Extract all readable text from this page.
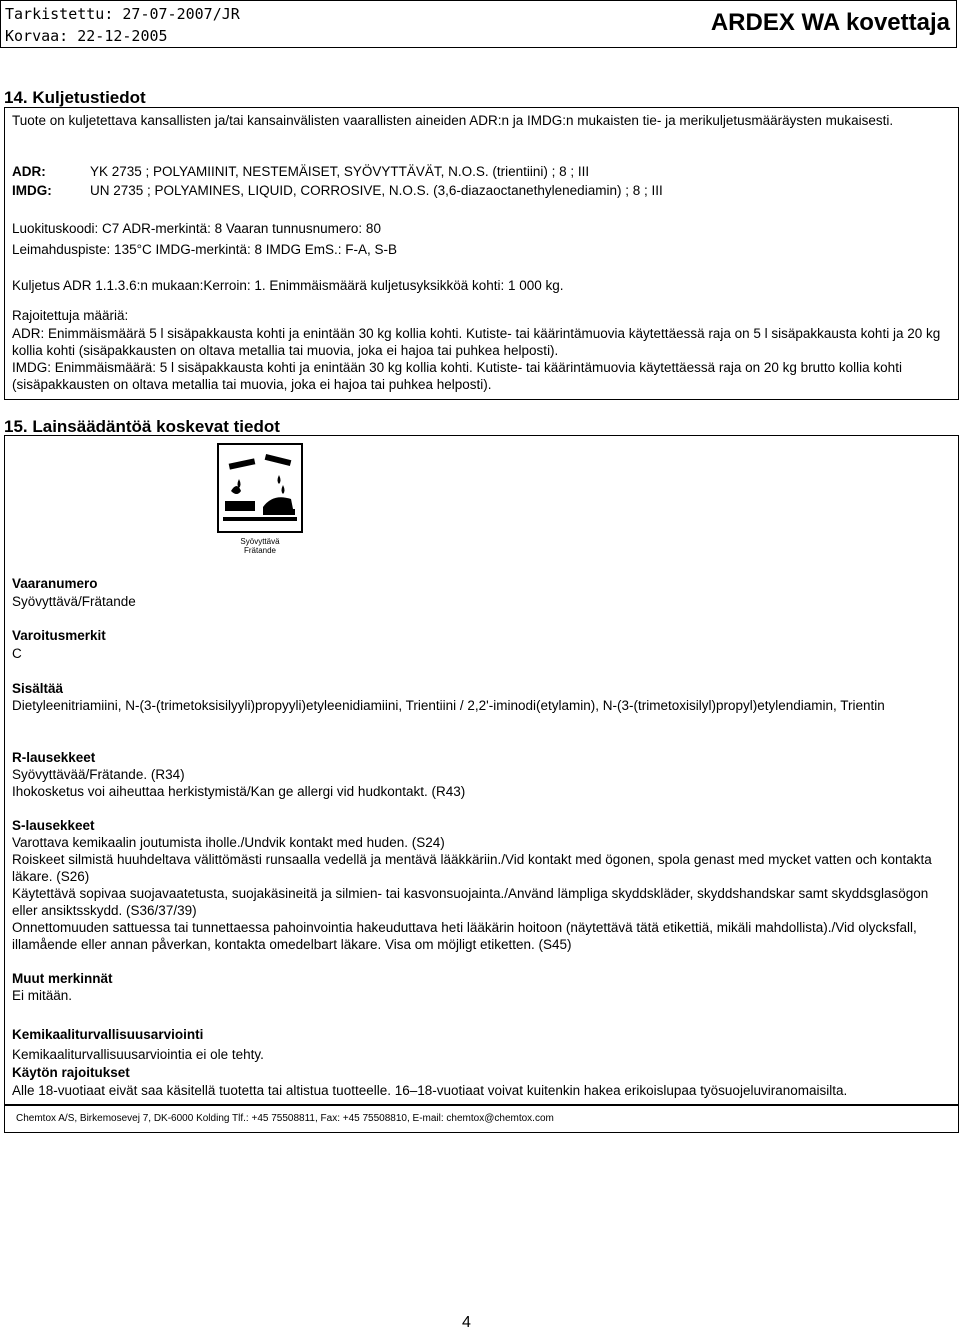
Tarkistettu: 27-07-2007/JR
Korvaa: 22-12-2005	ARDEX WA kovettaja
14. Kuljetustiedot
Tuote on kuljetettava kansallisten ja/tai kansainvälisten vaarallisten aineiden ADR:n ja IMDG:n mukaisten tie- ja merikuljetusmääräysten mukaisesti.
ADR:	YK 2735 ; POLYAMIINIT, NESTEMÄISET, SYÖVYTTÄVÄT, N.O.S. (trientiini) ; 8 ; III
IMDG:	UN 2735 ; POLYAMINES, LIQUID, CORROSIVE, N.O.S. (3,6-diazaoctanethylenediamin) ; 8 ; III
Luokituskoodi: C7 ADR-merkintä: 8 Vaaran tunnusnumero: 80
Leimahduspiste: 135°C IMDG-merkintä: 8 IMDG EmS.: F-A, S-B
Kuljetus ADR 1.1.3.6:n mukaan:Kerroin: 1. Enimmäismäärä kuljetusyksikköä kohti: 1 000 kg.
Rajoitettuja määriä:
ADR: Enimmäismäärä 5 l sisäpakkausta kohti ja enintään 30 kg kollia kohti. Kutiste- tai käärintämuovia käytettäessä raja on 5 l sisäpakkausta kohti ja 20 kg kollia kohti (sisäpakkausten on oltava metallia tai muovia, joka ei hajoa tai puhkea helposti).
IMDG: Enimmäismäärä: 5 l sisäpakkausta kohti ja enintään 30 kg kollia kohti. Kutiste- tai käärintämuovia käytettäessä raja on 20 kg brutto kollia kohti (sisäpakkausten on oltava metallia tai muovia, joka ei hajoa tai puhkea helposti).
15. Lainsäädäntöä koskevat tiedot
Syövyttävä
Frätande
Vaaranumero
Syövyttävä/Frätande
Varoitusmerkit
C
Sisältää
Dietyleenitriamiini, N-(3-(trimetoksisilyyli)propyyli)etyleenidiamiini, Trientiini / 2,2'-iminodi(etylamin), N-(3-(trimetoxisilyl)propyl)etylendiamin, Trientin
R-lausekkeet
Syövyttävää/Frätande. (R34)
Ihokosketus voi aiheuttaa herkistymistä/Kan ge allergi vid hudkontakt. (R43)
S-lausekkeet
Varottava kemikaalin joutumista iholle./Undvik kontakt med huden. (S24)
Roiskeet silmistä huuhdeltava välittömästi runsaalla vedellä ja mentävä lääkkäriin./Vid kontakt med ögonen, spola genast med mycket vatten och kontakta läkare. (S26)
Käytettävä sopivaa suojavaatetusta, suojakäsineitä ja silmien- tai kasvonsuojainta./Använd lämpliga skyddskläder, skyddshandskar samt skyddsglasögon eller ansiktsskydd. (S36/37/39)
Onnettomuuden sattuessa tai tunnettaessa pahoinvointia hakeuduttava heti lääkärin hoitoon (näytettävä tätä etikettiä, mikäli mahdollista)./Vid olycksfall, illamående eller annan påverkan, kontakta omedelbart läkare. Visa om möjligt etiketten. (S45)
Muut merkinnät
Ei mitään.
Kemikaaliturvallisuusarviointi
Kemikaaliturvallisuusarviointia ei ole tehty.
Käytön rajoitukset
Alle 18-vuotiaat eivät saa käsitellä tuotetta tai altistua tuotteelle. 16–18-vuotiaat voivat kuitenkin hakea erikoislupaa työsuojeluviranomaisilta.
Chemtox A/S, Birkemosevej 7, DK-6000 Kolding Tlf.: +45 75508811, Fax: +45 75508810, E-mail: chemtox@chemtox.com
4
